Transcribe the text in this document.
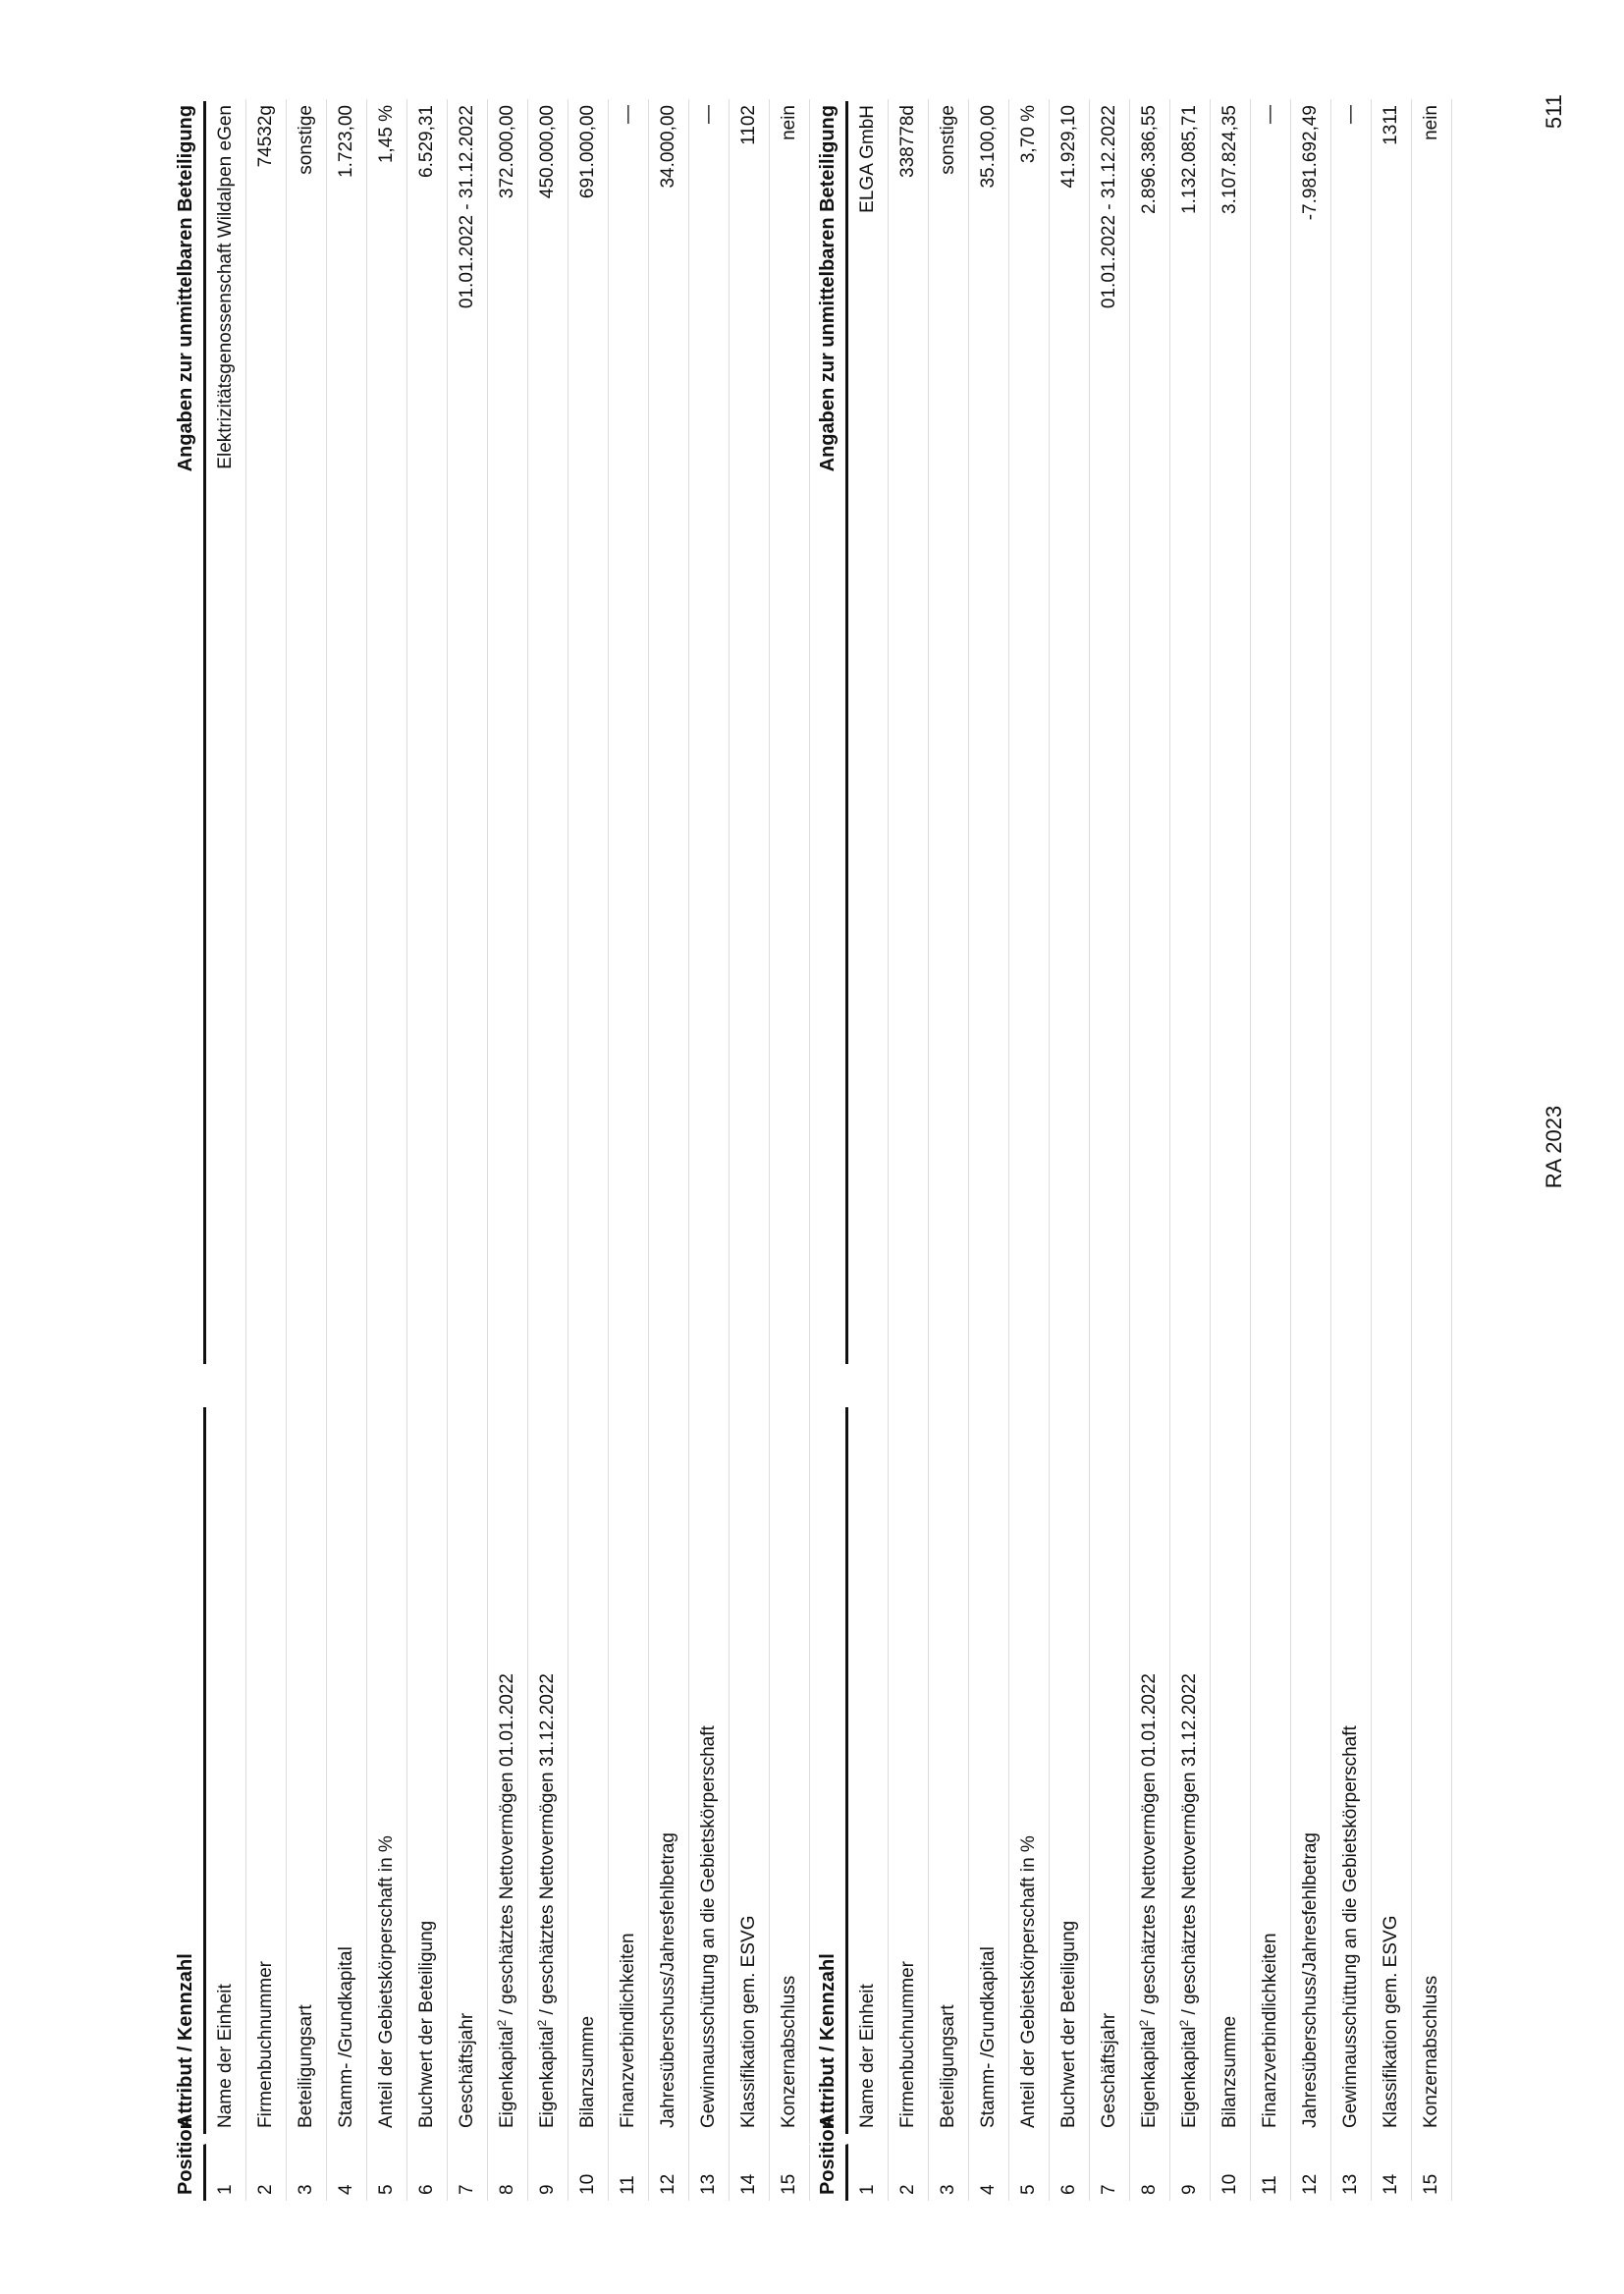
Position
Attribut / Kennzahl
Angaben zur unmittelbaren Beteiligung
1
Name der Einheit
Elektrizitätsgenossenschaft Wildalpen eGen
2
Firmenbuchnummer
74532g
3
Beteiligungsart
sonstige
4
Stamm- /Grundkapital
1.723,00
5
Anteil der Gebietskörperschaft in %
1,45 %
6
Buchwert der Beteiligung
6.529,31
7
Geschäftsjahr
01.01.2022 - 31.12.2022
8
Eigenkapital$^2$ / geschätztes Nettovermögen 01.01.2022
372.000,00
9
Eigenkapital$^2$ / geschätztes Nettovermögen 31.12.2022
450.000,00
10
Bilanzsumme
691.000,00
11
Finanzverbindlichkeiten
—
12
Jahresüberschuss/Jahresfehlbetrag
34.000,00
13
Gewinnausschüttung an die Gebietskörperschaft
—
14
Klassifikation gem. ESVG
1102
15
Konzernabschluss
nein
Position
Attribut / Kennzahl
Angaben zur unmittelbaren Beteiligung
1
Name der Einheit
ELGA GmbH
2
Firmenbuchnummer
338778d
3
Beteiligungsart
sonstige
4
Stamm- /Grundkapital
35.100,00
5
Anteil der Gebietskörperschaft in %
3,70 %
6
Buchwert der Beteiligung
41.929,10
7
Geschäftsjahr
01.01.2022 - 31.12.2022
8
Eigenkapital$^2$ / geschätztes Nettovermögen 01.01.2022
2.896.386,55
9
Eigenkapital$^2$ / geschätztes Nettovermögen 31.12.2022
1.132.085,71
10
Bilanzsumme
3.107.824,35
11
Finanzverbindlichkeiten
—
12
Jahresüberschuss/Jahresfehlbetrag
-7.981.692,49
13
Gewinnausschüttung an die Gebietskörperschaft
—
14
Klassifikation gem. ESVG
1311
15
Konzernabschluss
nein
RA 2023
511
